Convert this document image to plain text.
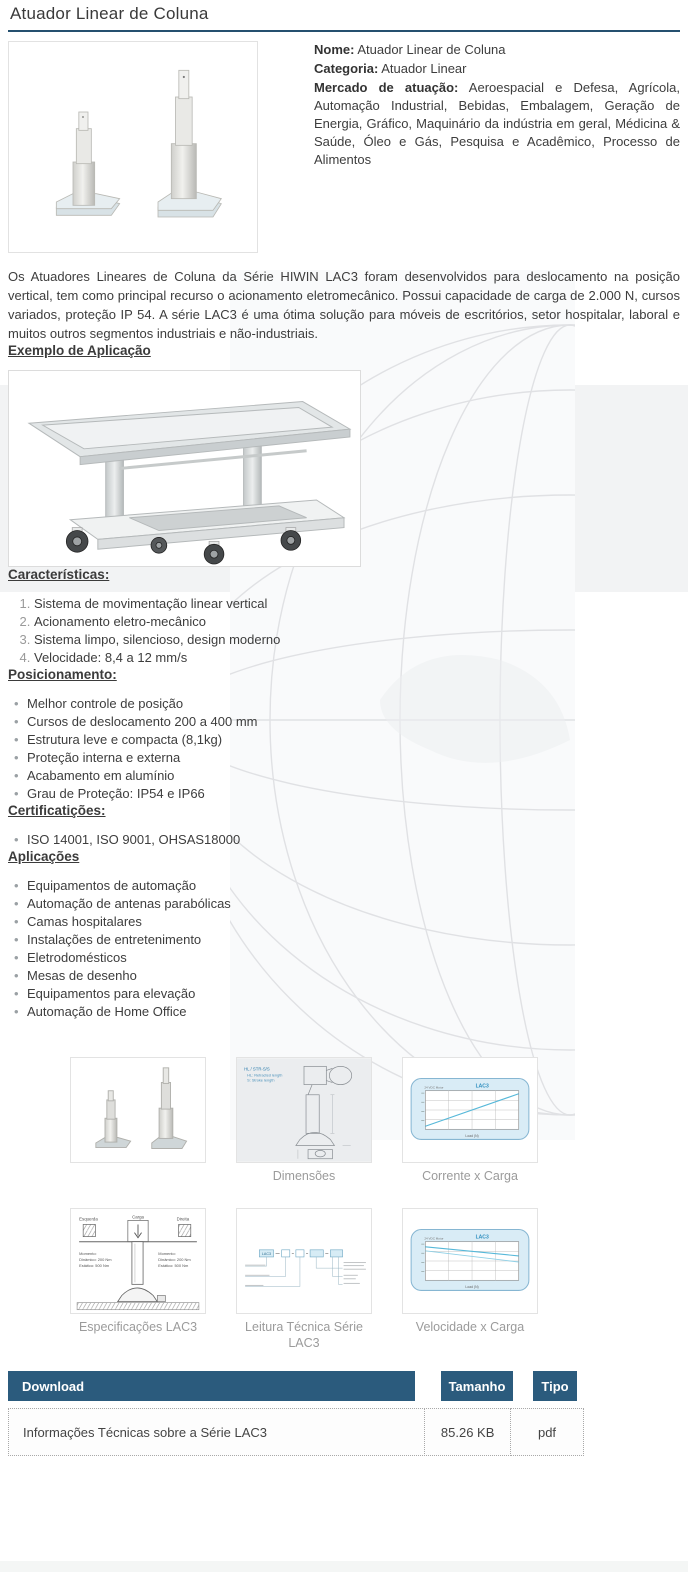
Atuador Linear de Coluna

Nome: Atuador Linear de Coluna

Categoria: Atuador Linear

Mercado de atuação: Aeroespacial e Defesa, Agrícola, Automação Industrial, Bebidas, Embalagem, Geração de Energia, Gráfico, Maquinário da indústria em geral, Médicina & Saúde, Óleo e Gás, Pesquisa e Acadêmico, Processo de Alimentos

Os Atuadores Lineares de Coluna da Série HIWIN LAC3 foram desenvolvidos para deslocamento na posição vertical, tem como principal recurso o acionamento eletromecânico. Possui capacidade de carga de 2.000 N, cursos variados, proteção IP 54. A série LAC3 é uma ótima solução para móveis de escritórios, setor hospitalar, laboral e muitos outros segmentos industriais e não-industriais.

Exemplo de Aplicação
Características:
1. Sistema de movimentação linear vertical
2. Acionamento eletro-mecânico
3. Sistema limpo, silencioso, design moderno
4. Velocidade: 8,4 a 12 mm/s
Posicionamento:
• Melhor controle de posição
• Cursos de deslocamento 200 a 400 mm
• Estrutura leve e compacta (8,1kg)
• Proteção interna e externa
• Acabamento em alumínio
• Grau de Proteção: IP54 e IP66
Certificatições:
• ISO 14001, ISO 9001, OHSAS18000
Aplicações
• Equipamentos de automação
• Automação de antenas parabólicas
• Camas hospitalares
• Instalações de entretenimento
• Eletrodomésticos
• Mesas de desenho
• Equipamentos para elevação
• Automação de Home Office
HL / STR-S/S
HL: Retracted length
S: Stroke length
Dimensões
LAC3
24 VDC Motor
Load (N)
Corrente x Carga
Esquerda	Carga	Direita
Momento:
Dinâmico: 200 Nm
Estático: 500 Nm
Momento:
Dinâmico: 200 Nm
Estático: 500 Nm
Especificações LAC3
LAC3
Leitura Técnica Série LAC3
LAC3
24 VDC Motor
Load (N)
Velocidade x Carga
Download	Tamanho	Tipo
Informações Técnicas sobre a Série LAC3	85.26 KB	pdf
